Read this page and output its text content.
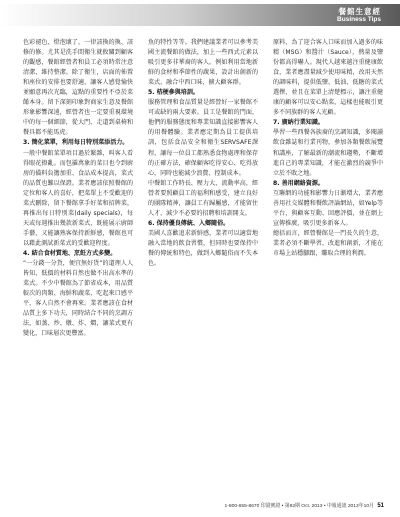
餐館生意經
Business Tips

色彩褪色、燈泡壞了，一律該換的換、該修的修。尤其是洗手間衛生就攸關到顧客的觀感，餐館經營者和員工必須時常注意清潔、維持整潔。除了衛生，店面的佈置和座位的安排也要舒適，讓客人感覺愉快並願意再次光臨，這點的重要性不亞於菜餚本身。留下深刻印象對商家生意及餐館形象影響深遠，經營者也一定要重視環境中的每一個細節，從大門、走道到桌椅和餐具都不能馬虎。

3. 簡化菜單，利用每日特別菜添活力。

一般中餐館菜單項目過於繁雜，叫客人看得眼花撩亂。而包羅萬象的菜目也令到廚房的備料負擔加重、食品成本提高，菜式的品質也難以保證。業者應該依照餐館的定位和客人的喜好，把菜單上不受歡迎的菜式刪除，留下餐館拿手好菜和招牌菜，再推出每日特別菜(daily specials)，每天或每週推出幾款新菜式，既能展示廚師手藝，又能讓熟客保持新鮮感，餐館也可以藉此測試新菜式的受歡迎程度。

4. 結合食材質地、烹飪方式多變。

“一分錢一分貨，便宜無好貨”的道理人人皆知，低價的材料自然也做不出高水準的菜式。不少中餐館為了節省成本，用品質較次的肉類、海鮮和蔬菜，吃起來口感平平，客人自然不會再來。業者應該在食材品質上多下功夫，同時結合不同的烹調方法，如蒸、炒、燉、炸、燜，讓菜式更有變化，口味層次更豐富。

魚的特性等等。我們建議業者可以參考美國主流餐館的做法，加上一些西式元素以吸引更多非華裔的客人。例如利用當地新鮮的食材和季節性的蔬果，設計出創新的菜式，融合中西口味，擴大顧客群。

5. 桔梗參與培訓。

服務管理和食品質量是經營好一家餐館不可或缺的兩大要素。員工是餐館的門面，他們的服務態度和專業知識直接影響客人的用餐體驗。業者應定期為員工提供培訓，包括食品安全和衛生SERVSAFE課程，讓每一位員工都熟悉食物處理和保存的正確方法，確保顧客吃得安心、吃得放心，同時也能減少浪費、控制成本。

中餐館工作時長、壓力大、流動率高，經營者要照顧員工的福利和感受，建立良好的團隊精神，讓員工有歸屬感，才能留住人才，減少不必要的招聘和培訓開支。

6. 保持優良傳統、入鄉隨俗。

美國人喜歡追求新鮮感，業者可以適當地融入當地的飲食習慣，但同時也要保持中餐的傳統和特色，做到入鄉隨俗而不失本色。

原料，為了迎合客人口味而加入過多的味精（MSG）和醬汁（Sauce），熱量及鹽份都高得嚇人。現代人越來越注重健康飲食，業者應盡量減少使用味精，改用天然的調味料，提供低鹽、低油、低糖的菜式選擇，並且在菜單上清楚標示，讓注重健康的顧客可以安心點菜，這樣也能吸引更多不同族群的客人光顧。

7. 廣納行業知識。

學習一些西餐各族裔的烹調知識，多閱讀飲食雜誌和行業刊物，參加各類餐飲展覽和講座，了解最新的潮流和趨勢，不斷增進自己的專業知識，才能在激烈的競爭中立於不敗之地。

8. 善用網絡資源。

互聯網的功能和影響力日漸增大，業者應善用社交媒體和餐飲評論網站，如Yelp等平台，與顧客互動、回應評價，並在網上宣傳推廣，吸引更多新客人。

總括而言，經營餐館是一門長久的生意，業者必須不斷學習、改進和創新，才能在市場上站穩腳跟，賺取合理的利潤。

1-800-655-8670 印證實證 • 第82期 Oct. 2013 • 中報通訊 2013年10月 51
